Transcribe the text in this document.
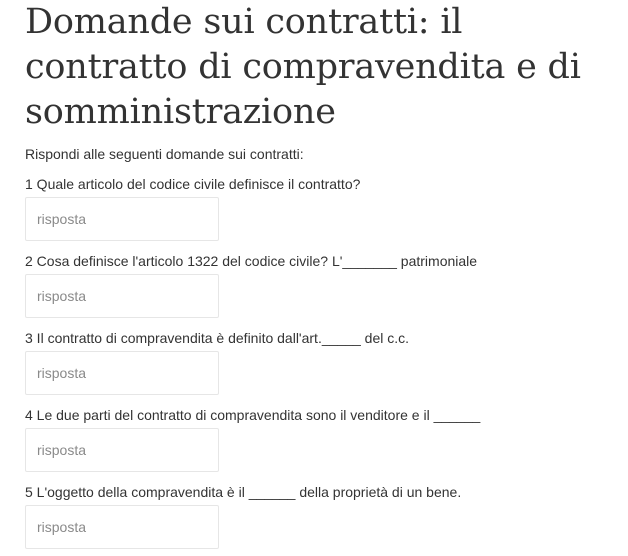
Domande sui contratti: il contratto di compravendita e di somministrazione
Rispondi alle seguenti domande sui contratti:
1 Quale articolo del codice civile definisce il contratto?
risposta
2 Cosa definisce l'articolo 1322 del codice civile? L'_______ patrimoniale
risposta
3 Il contratto di compravendita è definito dall'art._____ del c.c.
risposta
4 Le due parti del contratto di compravendita sono il venditore e il ______
risposta
5 L'oggetto della compravendita è il ______ della proprietà di un bene.
risposta
